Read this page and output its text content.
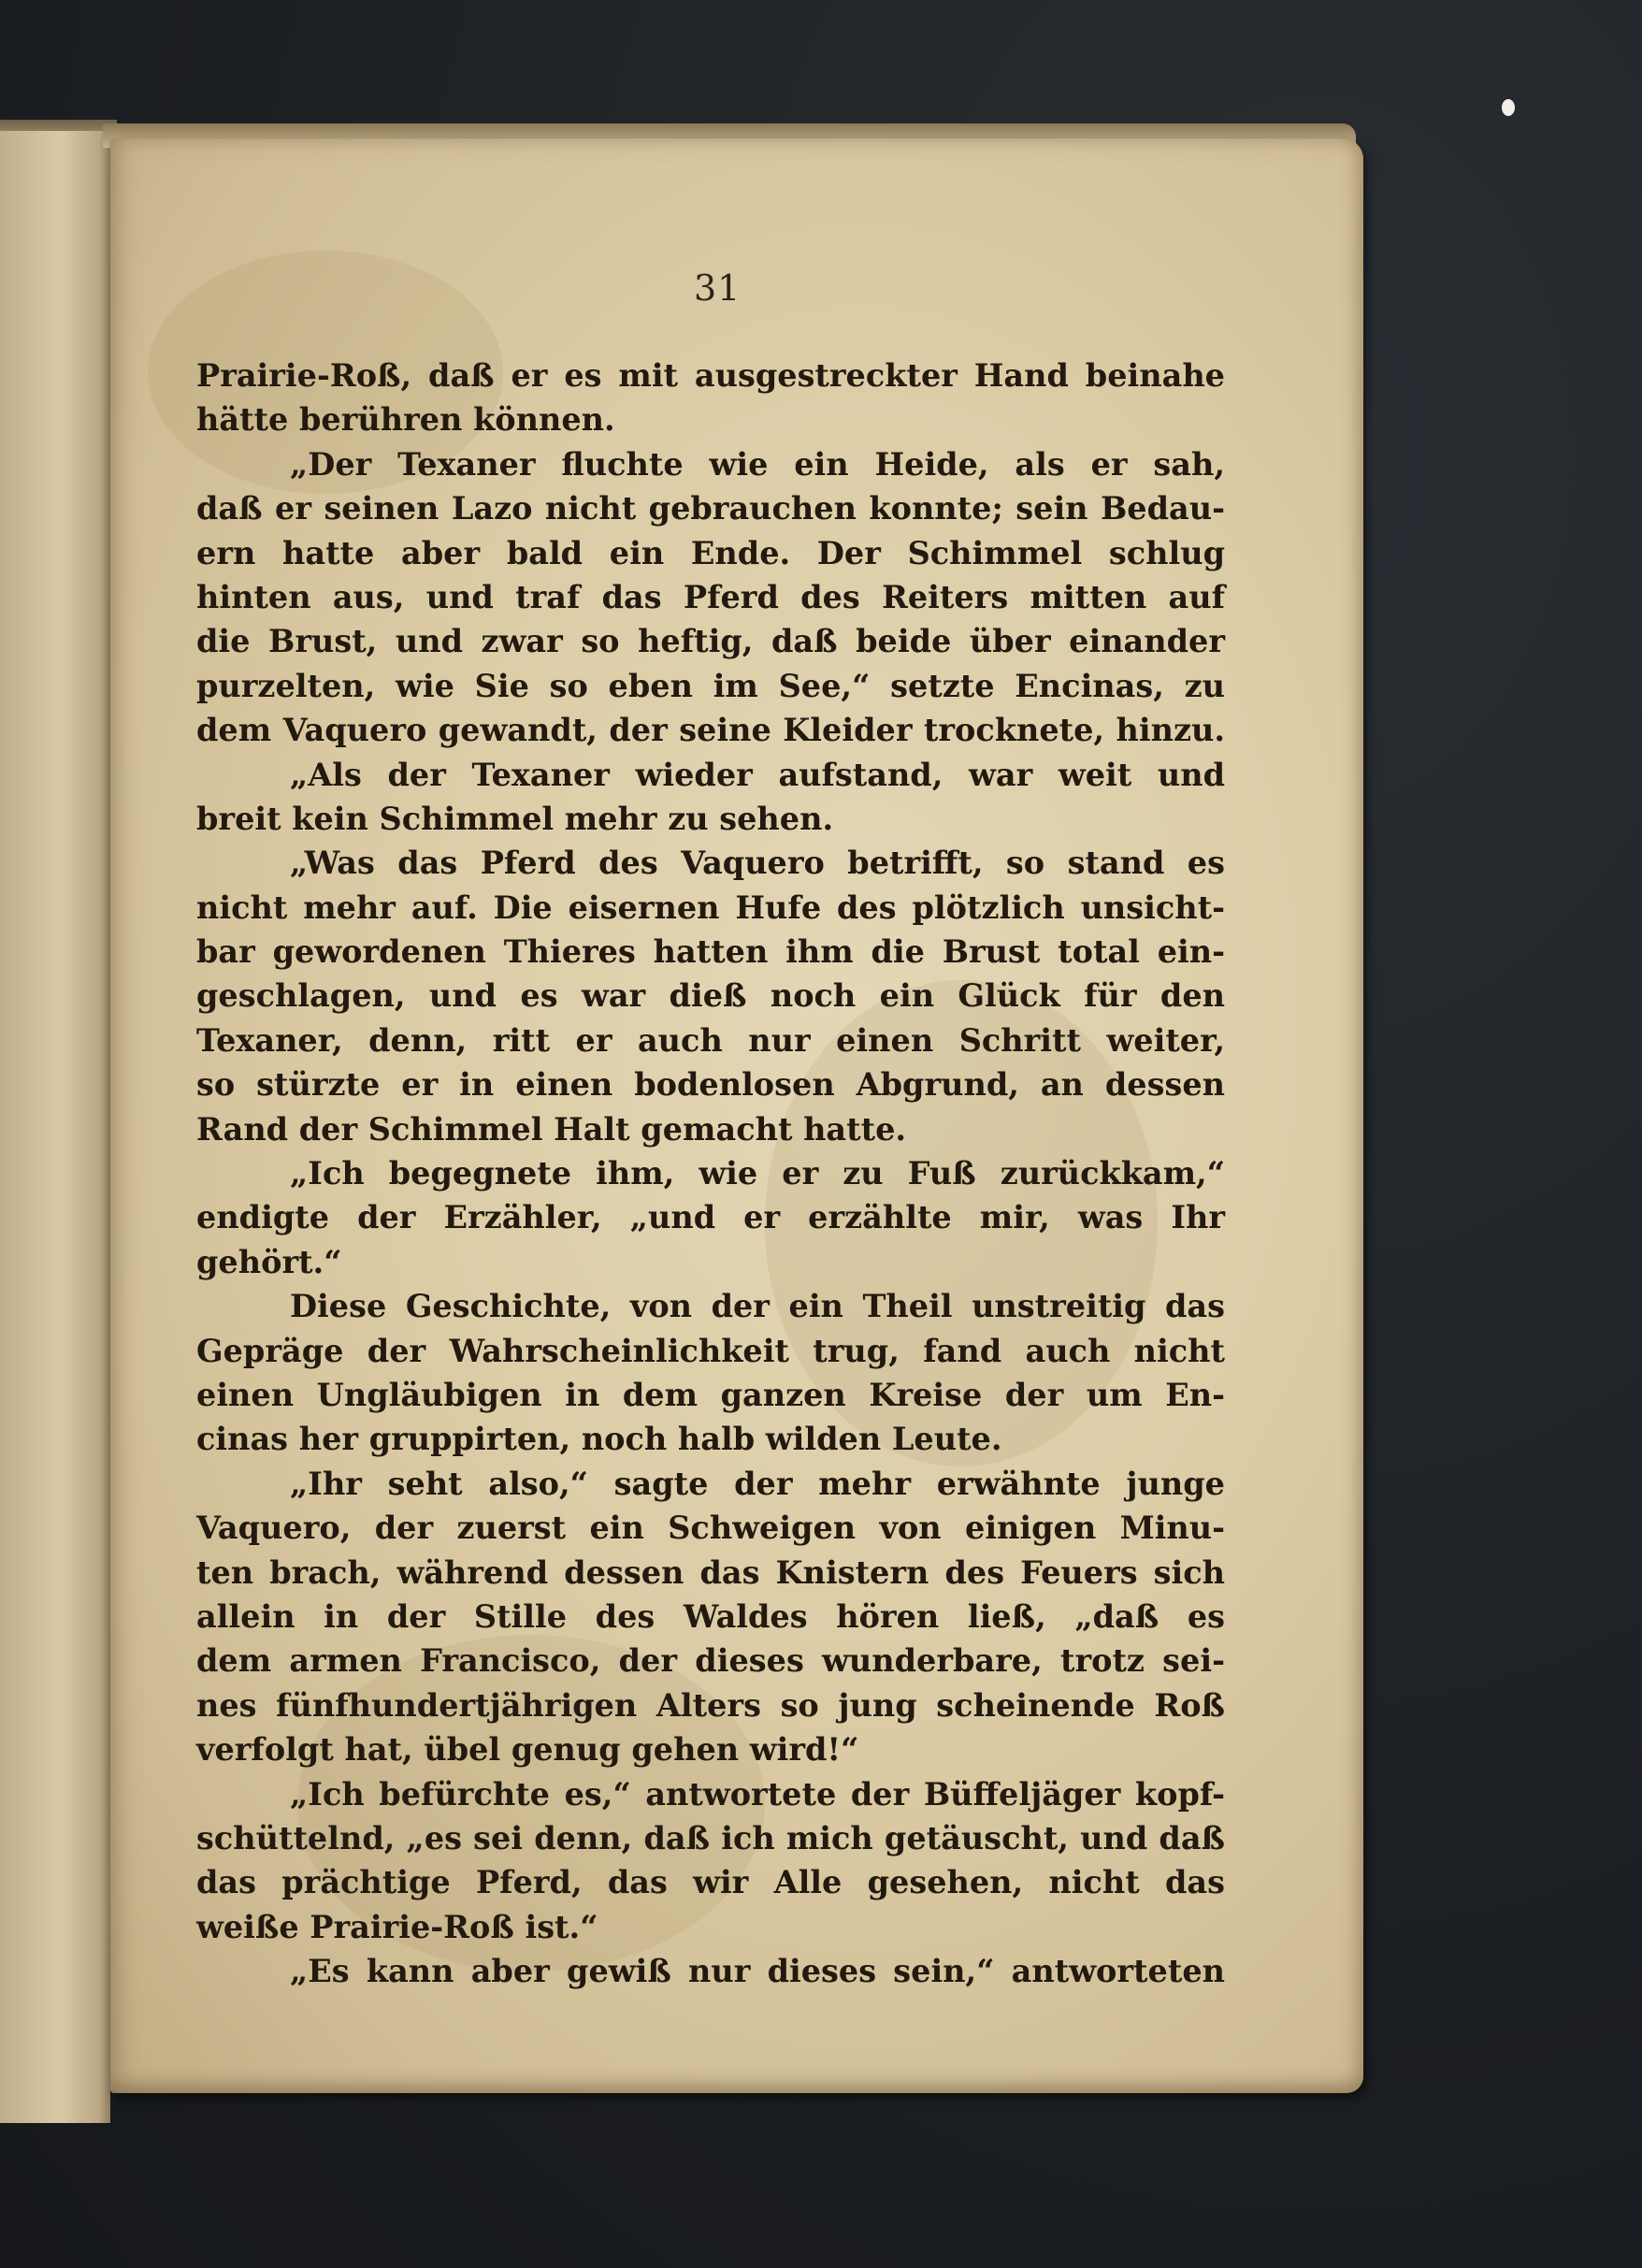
31
Prairie-Roß, daß er es mit ausgestreckter Hand beinahe
hätte berühren können.
„Der Texaner fluchte wie ein Heide, als er sah,
daß er seinen Lazo nicht gebrauchen konnte; sein Bedau-
ern hatte aber bald ein Ende. Der Schimmel schlug
hinten aus, und traf das Pferd des Reiters mitten auf
die Brust, und zwar so heftig, daß beide über einander
purzelten, wie Sie so eben im See,“ setzte Encinas, zu
dem Vaquero gewandt, der seine Kleider trocknete, hinzu.
„Als der Texaner wieder aufstand, war weit und
breit kein Schimmel mehr zu sehen.
„Was das Pferd des Vaquero betrifft, so stand es
nicht mehr auf. Die eisernen Hufe des plötzlich unsicht-
bar gewordenen Thieres hatten ihm die Brust total ein-
geschlagen, und es war dieß noch ein Glück für den
Texaner, denn, ritt er auch nur einen Schritt weiter,
so stürzte er in einen bodenlosen Abgrund, an dessen
Rand der Schimmel Halt gemacht hatte.
„Ich begegnete ihm, wie er zu Fuß zurückkam,“
endigte der Erzähler, „und er erzählte mir, was Ihr
gehört.“
Diese Geschichte, von der ein Theil unstreitig das
Gepräge der Wahrscheinlichkeit trug, fand auch nicht
einen Ungläubigen in dem ganzen Kreise der um En-
cinas her gruppirten, noch halb wilden Leute.
„Ihr seht also,“ sagte der mehr erwähnte junge
Vaquero, der zuerst ein Schweigen von einigen Minu-
ten brach, während dessen das Knistern des Feuers sich
allein in der Stille des Waldes hören ließ, „daß es
dem armen Francisco, der dieses wunderbare, trotz sei-
nes fünfhundertjährigen Alters so jung scheinende Roß
verfolgt hat, übel genug gehen wird!“
„Ich befürchte es,“ antwortete der Büffeljäger kopf-
schüttelnd, „es sei denn, daß ich mich getäuscht, und daß
das prächtige Pferd, das wir Alle gesehen, nicht das
weiße Prairie-Roß ist.“
„Es kann aber gewiß nur dieses sein,“ antworteten
